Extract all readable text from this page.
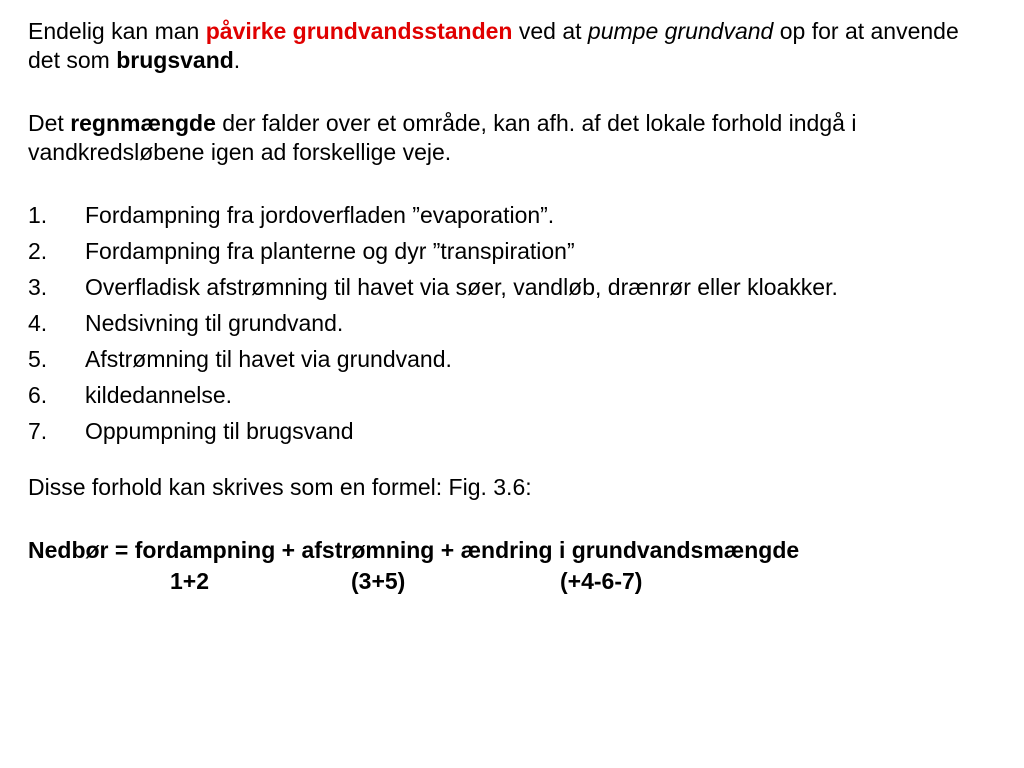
Endelig kan man påvirke grundvandsstanden ved at pumpe grundvand op for at anvende det som brugsvand.

Det regnmængde der falder over et område, kan afh. af det lokale forhold indgå i vandkredsløbene igen ad forskellige veje.

1. Fordampning fra jordoverfladen ”evaporation”.
2. Fordampning fra planterne og dyr ”transpiration”
3. Overfladisk afstrømning til havet via søer, vandløb, drænrør eller kloakker.
4. Nedsivning til grundvand.
5. Afstrømning til havet via grundvand.
6. kildedannelse.
7. Oppumpning til brugsvand

Disse forhold kan skrives som en formel: Fig. 3.6:

Nedbør = fordampning + afstrømning + ændring i grundvandsmængde

1+2	(3+5)	(+4-6-7)
